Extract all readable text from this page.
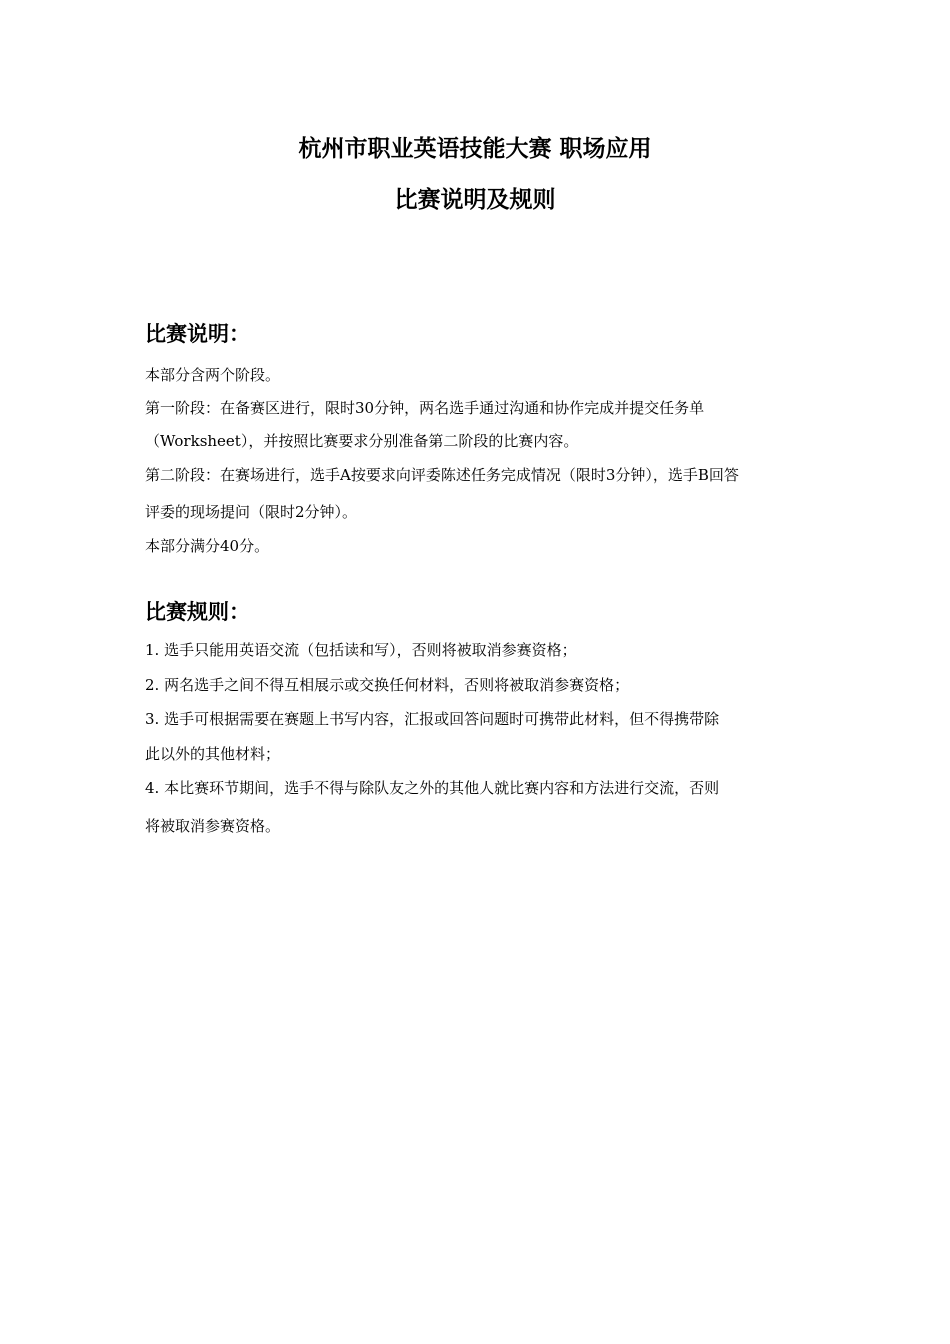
杭州市职业英语技能大赛 职场应用
比赛说明及规则
比赛说明：
本部分含两个阶段。
第一阶段：在备赛区进行，限时30分钟，两名选手通过沟通和协作完成并提交任务单
（Worksheet），并按照比赛要求分别准备第二阶段的比赛内容。
第二阶段：在赛场进行，选手A按要求向评委陈述任务完成情况（限时3分钟），选手B回答
评委的现场提问（限时2分钟）。
本部分满分40分。
比赛规则：
1. 选手只能用英语交流（包括读和写），否则将被取消参赛资格；
2. 两名选手之间不得互相展示或交换任何材料，否则将被取消参赛资格；
3. 选手可根据需要在赛题上书写内容，汇报或回答问题时可携带此材料，但不得携带除
此以外的其他材料；
4. 本比赛环节期间，选手不得与除队友之外的其他人就比赛内容和方法进行交流，否则
将被取消参赛资格。
